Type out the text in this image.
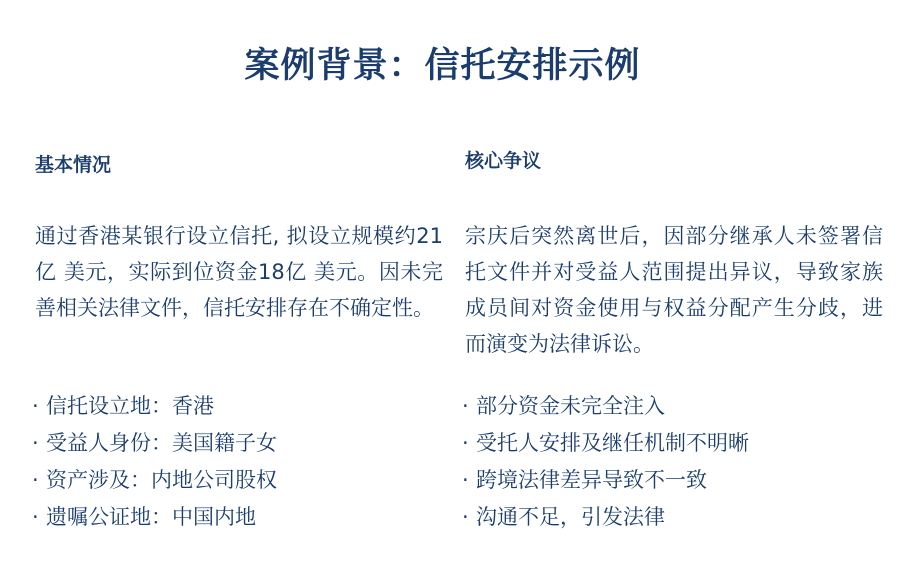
案例背景：信托安排示例
基本情况
通过香港某银行设立信托, 拟设立规模约21亿 美元，实际到位资金18亿 美元。因未完善相关法律文件，信托安排存在不确定性。
· 信托设立地：香港
· 受益人身份：美国籍子女
· 资产涉及：内地公司股权
· 遗嘱公证地：中国内地
核心争议
宗庆后突然离世后，因部分继承人未签署信托文件并对受益人范围提出异议，导致家族成员间对资金使用与权益分配产生分歧，进而演变为法律诉讼。
· 部分资金未完全注入
· 受托人安排及继任机制不明晰
· 跨境法律差异导致不一致
· 沟通不足，引发法律
